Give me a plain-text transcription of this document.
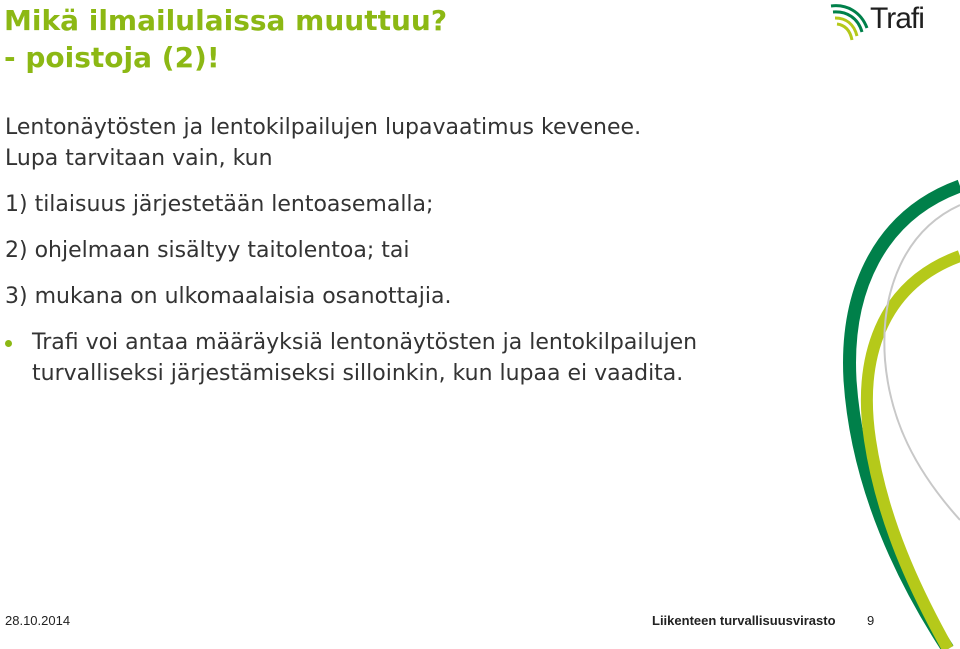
Mikä ilmailulaissa muuttuu?
- poistoja (2)!
Trafi
Lentonäytösten ja lentokilpailujen lupavaatimus kevenee.
Lupa tarvitaan vain, kun
1) tilaisuus järjestetään lentoasemalla;
2) ohjelmaan sisältyy taitolentoa; tai
3) mukana on ulkomaalaisia osanottajia.
Trafi voi antaa määräyksiä lentonäytösten ja lentokilpailujen turvalliseksi järjestämiseksi silloinkin, kun lupaa ei vaadita.
28.10.2014	Liikenteen turvallisuusvirasto 9
